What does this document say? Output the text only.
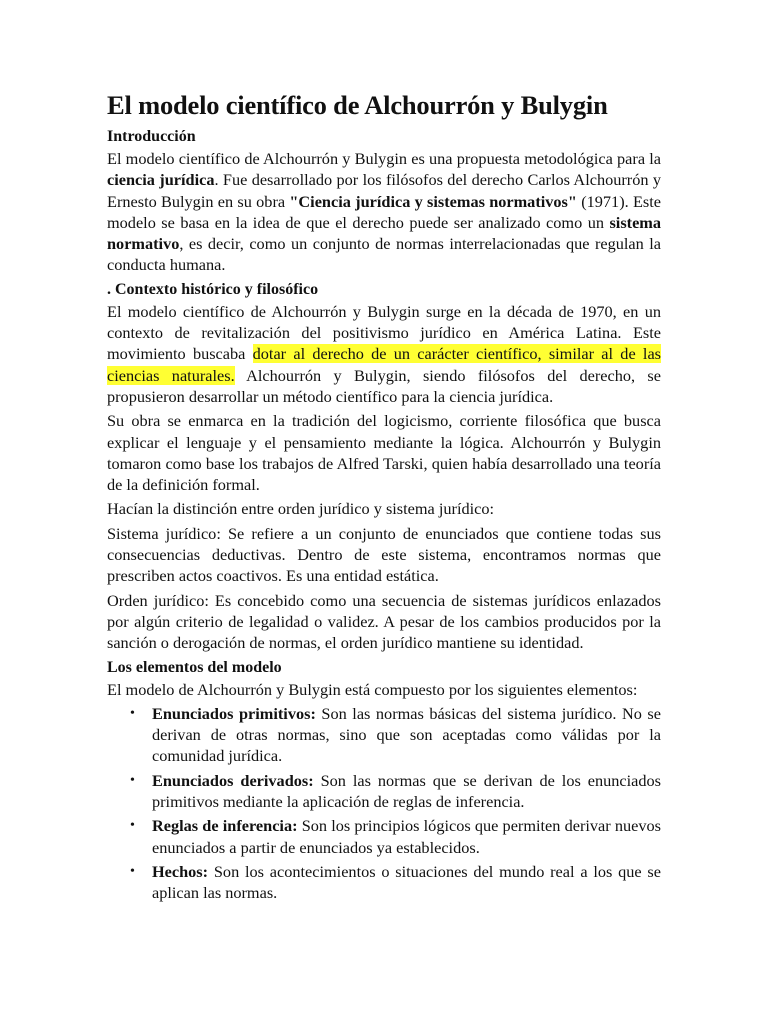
El modelo científico de Alchourrón y Bulygin
Introducción

El modelo científico de Alchourrón y Bulygin es una propuesta metodológica para la ciencia jurídica. Fue desarrollado por los filósofos del derecho Carlos Alchourrón y Ernesto Bulygin en su obra "Ciencia jurídica y sistemas normativos" (1971). Este modelo se basa en la idea de que el derecho puede ser analizado como un sistema normativo, es decir, como un conjunto de normas interrelacionadas que regulan la conducta humana.

. Contexto histórico y filosófico

El modelo científico de Alchourrón y Bulygin surge en la década de 1970, en un contexto de revitalización del positivismo jurídico en América Latina. Este movimiento buscaba dotar al derecho de un carácter científico, similar al de las ciencias naturales. Alchourrón y Bulygin, siendo filósofos del derecho, se propusieron desarrollar un método científico para la ciencia jurídica.

Su obra se enmarca en la tradición del logicismo, corriente filosófica que busca explicar el lenguaje y el pensamiento mediante la lógica. Alchourrón y Bulygin tomaron como base los trabajos de Alfred Tarski, quien había desarrollado una teoría de la definición formal.

Hacían la distinción entre orden jurídico y sistema jurídico:

Sistema jurídico: Se refiere a un conjunto de enunciados que contiene todas sus consecuencias deductivas. Dentro de este sistema, encontramos normas que prescriben actos coactivos. Es una entidad estática.

Orden jurídico: Es concebido como una secuencia de sistemas jurídicos enlazados por algún criterio de legalidad o validez. A pesar de los cambios producidos por la sanción o derogación de normas, el orden jurídico mantiene su identidad.

Los elementos del modelo

El modelo de Alchourrón y Bulygin está compuesto por los siguientes elementos:

• Enunciados primitivos: Son las normas básicas del sistema jurídico. No se derivan de otras normas, sino que son aceptadas como válidas por la comunidad jurídica.
• Enunciados derivados: Son las normas que se derivan de los enunciados primitivos mediante la aplicación de reglas de inferencia.
• Reglas de inferencia: Son los principios lógicos que permiten derivar nuevos enunciados a partir de enunciados ya establecidos.
• Hechos: Son los acontecimientos o situaciones del mundo real a los que se aplican las normas.
